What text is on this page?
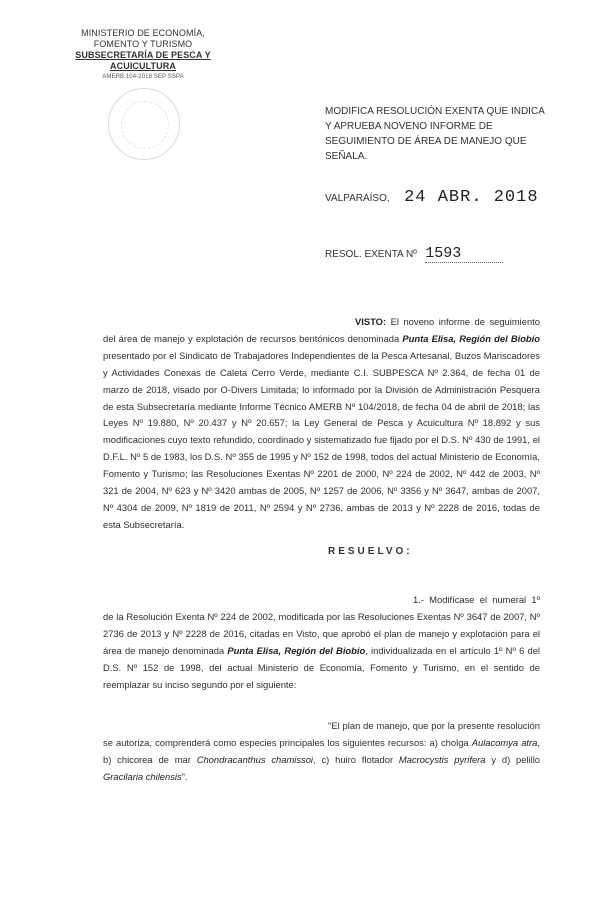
MINISTERIO DE ECONOMÍA,
FOMENTO Y TURISMO
SUBSECRETARÍA DE PESCA Y ACUICULTURA
AMERB 104-2018 SEP SSPA
MODIFICA RESOLUCIÓN EXENTA QUE INDICA Y APRUEBA NOVENO INFORME DE SEGUIMIENTO DE ÁREA DE MANEJO QUE SEÑALA.
VALPARAÍSO, 24 ABR. 2018
RESOL. EXENTA Nº 1593
VISTO: El noveno informe de seguimiento del área de manejo y explotación de recursos bentónicos denominada Punta Elisa, Región del Biobío presentado por el Sindicato de Trabajadores Independientes de la Pesca Artesanal, Buzos Mariscadores y Actividades Conexas de Caleta Cerro Verde, mediante C.I. SUBPESCA Nº 2.364, de fecha 01 de marzo de 2018, visado por O-Divers Limitada; lo informado por la División de Administración Pesquera de esta Subsecretaría mediante Informe Técnico AMERB Nº 104/2018, de fecha 04 de abril de 2018; las Leyes Nº 19.880, Nº 20.437 y Nº 20.657; la Ley General de Pesca y Acuicultura Nº 18.892 y sus modificaciones cuyo texto refundido, coordinado y sistematizado fue fijado por el D.S. Nº 430 de 1991, el D.F.L. Nº 5 de 1983, los D.S. Nº 355 de 1995 y Nº 152 de 1998, todos del actual Ministerio de Economía, Fomento y Turismo; las Resoluciones Exentas Nº 2201 de 2000, Nº 224 de 2002, Nº 442 de 2003, Nº 321 de 2004, Nº 623 y Nº 3420 ambas de 2005, Nº 1257 de 2006, Nº 3356 y Nº 3647, ambas de 2007, Nº 4304 de 2009, Nº 1819 de 2011, Nº 2594 y Nº 2736, ambas de 2013 y Nº 2228 de 2016, todas de esta Subsecretaría.
RESUELVO:
1.- Modifícase el numeral 1º de la Resolución Exenta Nº 224 de 2002, modificada por las Resoluciones Exentas Nº 3647 de 2007, Nº 2736 de 2013 y Nº 2228 de 2016, citadas en Visto, que aprobó el plan de manejo y explotación para el área de manejo denominada Punta Elisa, Región del Biobío, individualizada en el artículo 1º Nº 6 del D.S. Nº 152 de 1998, del actual Ministerio de Economía, Fomento y Turismo, en el sentido de reemplazar su inciso segundo por el siguiente:
"El plan de manejo, que por la presente resolución se autoriza, comprenderá como especies principales los siguientes recursos: a) cholga Aulacomya atra, b) chicorea de mar Chondracanthus chamissoi, c) huiro flotador Macrocystis pyrifera y d) pelillo Gracilaria chilensis".
